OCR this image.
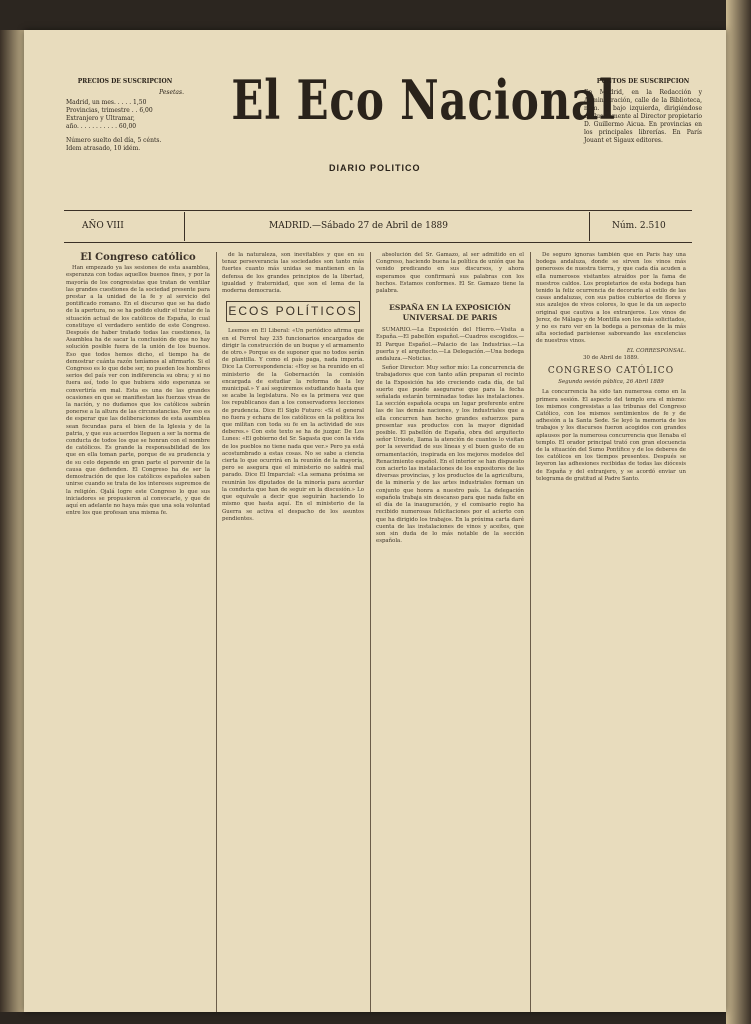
PRECIOS DE SUSCRIPCION
Pesetas.
Madrid, un mes. . . . . 1,50
Provincias, trimestre . . 6,00
Extranjero y Ultramar,
año. . . . . . . . . . . 60,00
Número suelto del día, 5 cénts.
Idem atrasado, 10 idém.
El Eco Nacional
DIARIO POLITICO
PUNTOS DE SUSCRIPCION
En Madrid, en la Redacción y Administración, calle de la Biblioteca, núm. 7, bajo izquierda, dirigiéndose exclusivamente al Director propietario D. Guillermo Aicua. En provincias en los principales librerías. En París Jouant et Sigaux editores.
AÑO VIII	MADRID.—Sábado 27 de Abril de 1889	Núm. 2.510
El Congreso católico

Han empezado ya las sesiones de esta asamblea, esperanza con todas aquellos buenos fines, y por la mayoría de los congresistas que tratan de ventilar las grandes cuestiones de la sociedad presente para prestar a la unidad de la fe y al servicio del pontificado romano. En el discurso que se ha dado de la apertura, no se ha podido eludir el tratar de la situación actual de los católicos de España, lo cual constituye el verdadero sentido de este Congreso. Después de haber tratado todas las cuestiones, la Asamblea ha de sacar la conclusión de que no hay solución posible fuera de la unión de los buenos. Eso que todos hemos dicho, el tiempo ha de demostrar cuánta razón teníamos al afirmarlo. Si el Congreso es lo que debe ser, no pueden los hombres serios del país ver con indiferencia su obra; y si no fuera así, todo lo que hubiera sido esperanza se convertiría en mal. Esta es una de las grandes ocasiones en que se manifiestan las fuerzas vivas de la nación, y no dudamos que los católicos sabrán ponerse a la altura de las circunstancias. Por eso es de esperar que las deliberaciones de esta asamblea sean fecundas para el bien de la Iglesia y de la patria, y que sus acuerdos lleguen a ser la norma de conducta de todos los que se honran con el nombre de católicos. Es grande la responsabilidad de los que en ella toman parte, porque de su prudencia y de su celo depende en gran parte el porvenir de la causa que defienden. El Congreso ha de ser la demostración de que los católicos españoles saben unirse cuando se trata de los intereses supremos de la religión. Ojalá logre este Congreso lo que sus iniciadores se propusieron al convocarle, y que de aquí en adelante no haya más que una sola voluntad entre los que profesan una misma fe.

de la naturaleza, son inevitables y que en su tenaz perseverancia las sociedades son tanto más fuertes cuanto más unidas se mantienen en la defensa de los grandes principios de la libertad, igualdad y fraternidad, que son el lema de la moderna democracia.

ECOS POLÍTICOS

Leemos en El Liberal: «Un periódico afirma que en el Ferrol hay 235 funcionarios encargados de dirigir la construcción de un buque y el armamento de otro.» Porque es de suponer que no todos serán de plantilla. Y como el país paga, nada importa. Dice La Correspondencia: «Hoy se ha reunido en el ministerio de la Gobernación la comisión encargada de estudiar la reforma de la ley municipal.» Y así seguiremos estudiando hasta que se acabe la legislatura. No es la primera vez que los republicanos dan a los conservadores lecciones de prudencia. Dice El Siglo Futuro: «Si el general no fuera y echara de los católicos en la política los que militan con toda su fe en la actividad de sus deberes.» Con este texto se ha de juzgar. De Los Lunes: «El gobierno del Sr. Sagasta que con la vida de los pueblos no tiene nada que ver.» Pero ya está acostumbrado a estas cosas. No se sabe a ciencia cierta lo que ocurrirá en la reunión de la mayoría, pero se asegura que el ministerio no saldrá mal parado. Dice El Imparcial: «La semana próxima se reunirán los diputados de la minoría para acordar la conducta que han de seguir en la discusión.» Lo que equivale a decir que seguirán haciendo lo mismo que hasta aquí. En el ministerio de la Guerra se activa el despacho de los asuntos pendientes.

absolución del Sr. Gamazo, al ser admitido en el Congreso, haciendo buena la política de unión que ha venido predicando en sus discursos, y ahora esperamos que confirmará sus palabras con los hechos. Estamos conformes. El Sr. Gamazo tiene la palabra.

ESPAÑA EN LA EXPOSICIÓN UNIVERSAL DE PARIS

SUMARIO.—La Exposición del Hierro.—Visita a España.—El pabellón español.—Cuadros escogidos.—El Parque Español.—Palacio de las Industrias.—La puerta y el arquitecto.—La Delegación.—Una bodega andaluza.—Noticias.

Señor Director: Muy sefior mío: La concurrencia de trabajadores que con tanto afán preparan el recinto de la Exposición ha ido creciendo cada día, de tal suerte que puede asegurarse que para la fecha señalada estarán terminadas todas las instalaciones. La sección española ocupa un lugar preferente entre las de las demás naciones, y los industriales que a ella concurren han hecho grandes esfuerzos para presentar sus productos con la mayor dignidad posible. El pabellón de España, obra del arquitecto señor Urioste, llama la atención de cuantos lo visitan por la severidad de sus líneas y el buen gusto de su ornamentación, inspirada en los mejores modelos del Renacimiento español. En el interior se han dispuesto con acierto las instalaciones de los expositores de las diversas provincias, y los productos de la agricultura, de la minería y de las artes industriales forman un conjunto que honra a nuestro país. La delegación española trabaja sin descanso para que nada falte en el día de la inauguración, y el comisario regio ha recibido numerosas felicitaciones por el acierto con que ha dirigido los trabajos. En la próxima carta daré cuenta de las instalaciones de vinos y aceites, que son sin duda de lo más notable de la sección española.

De seguro ignoras también que en París hay una bodega andaluza, donde se sirven los vinos más generosos de nuestra tierra, y que cada día acuden a ella numerosos visitantes atraídos por la fama de nuestros caldos. Los propietarios de esta bodega han tenido la feliz ocurrencia de decorarla al estilo de las casas andaluzas, con sus patios cubiertos de flores y sus azulejos de vivos colores, lo que le da un aspecto original que cautiva a los extranjeros. Los vinos de Jerez, de Málaga y de Montilla son los más solicitados, y no es raro ver en la bodega a personas de la más alta sociedad parisiense saboreando las excelencias de nuestros vinos.

EL CORRESPONSAL.
30 de Abril de 1889.
CONGRESO CATÓLICO
Segunda sesión pública, 26 Abril 1889

La concurrencia ha sido tan numerosa como en la primera sesión. El aspecto del templo era el mismo: los mismos congresistas a las tribunas del Congreso Católico, con los mismos sentimientos de fe y de adhesión a la Santa Sede. Se leyó la memoria de los trabajos y los discursos fueron acogidos con grandes aplausos por la numerosa concurrencia que llenaba el templo. El orador principal trató con gran elocuencia de la situación del Sumo Pontífice y de los deberes de los católicos en los tiempos presentes. Después se leyeron las adhesiones recibidas de todas las diócesis de España y del extranjero, y se acordó enviar un telegrama de gratitud al Padre Santo.
